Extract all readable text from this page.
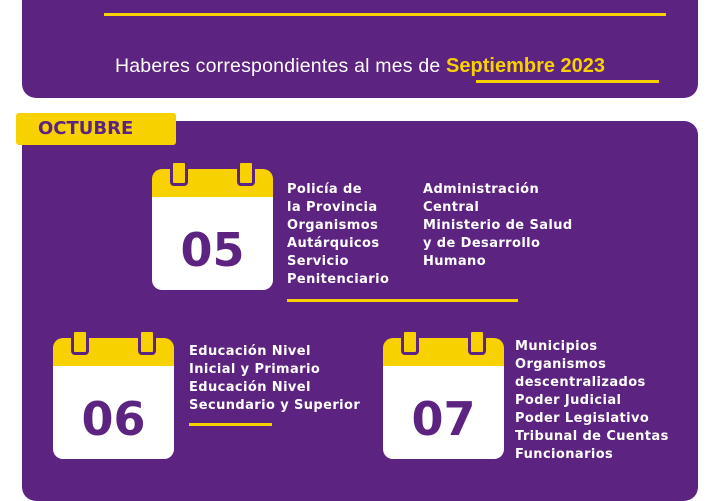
Haberes correspondientes al mes de Septiembre 2023
OCTUBRE
05
Policía de
la Provincia
Organismos
Autárquicos
Servicio
Penitenciario
Administración
Central
Ministerio de Salud
y de Desarrollo
Humano
06
Educación Nivel
Inicial y Primario
Educación Nivel
Secundario y Superior	07
Municipios
Organismos
descentralizados
Poder Judicial
Poder Legislativo
Tribunal de Cuentas
Funcionarios
